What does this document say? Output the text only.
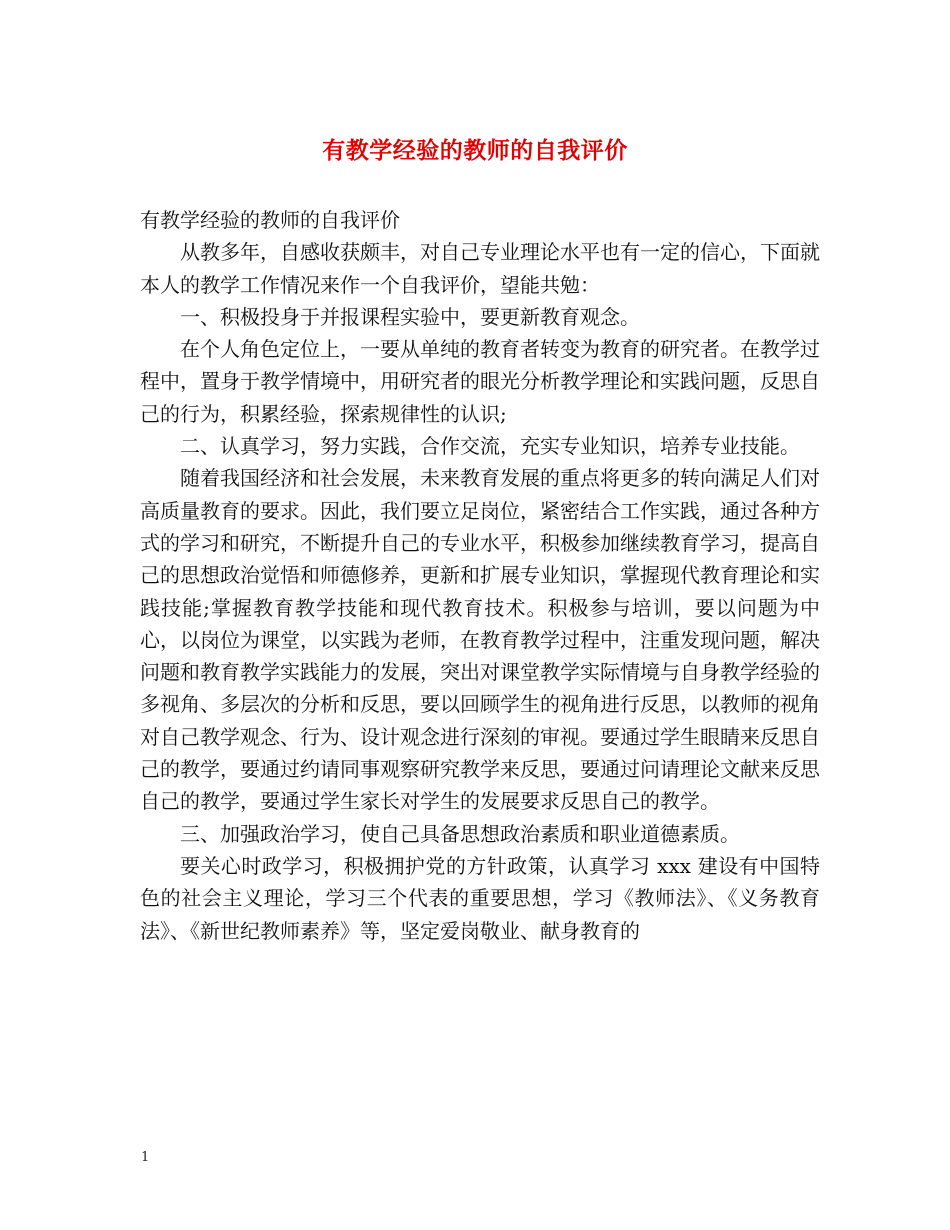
有教学经验的教师的自我评价

有教学经验的教师的自我评价

从教多年，自感收获颇丰，对自己专业理论水平也有一定的信心，下面就本人的教学工作情况来作一个自我评价，望能共勉：

一、积极投身于并报课程实验中，要更新教育观念。

在个人角色定位上，一要从单纯的教育者转变为教育的研究者。在教学过程中，置身于教学情境中，用研究者的眼光分析教学理论和实践问题，反思自己的行为，积累经验，探索规律性的认识;

二、认真学习，努力实践，合作交流，充实专业知识，培养专业技能。

随着我国经济和社会发展，未来教育发展的重点将更多的转向满足人们对高质量教育的要求。因此，我们要立足岗位，紧密结合工作实践，通过各种方式的学习和研究，不断提升自己的专业水平，积极参加继续教育学习，提高自己的思想政治觉悟和师德修养，更新和扩展专业知识，掌握现代教育理论和实践技能;掌握教育教学技能和现代教育技术。积极参与培训，要以问题为中心，以岗位为课堂，以实践为老师，在教育教学过程中，注重发现问题，解决问题和教育教学实践能力的发展，突出对课堂教学实际情境与自身教学经验的多视角、多层次的分析和反思，要以回顾学生的视角进行反思，以教师的视角对自己教学观念、行为、设计观念进行深刻的审视。要通过学生眼睛来反思自己的教学，要通过约请同事观察研究教学来反思，要通过问请理论文献来反思自己的教学，要通过学生家长对学生的发展要求反思自己的教学。

三、加强政治学习，使自己具备思想政治素质和职业道德素质。

要关心时政学习，积极拥护党的方针政策，认真学习 xxx 建设有中国特色的社会主义理论，学习三个代表的重要思想，学习《教师法》、《义务教育法》、《新世纪教师素养》等，坚定爱岗敬业、献身教育的

1
